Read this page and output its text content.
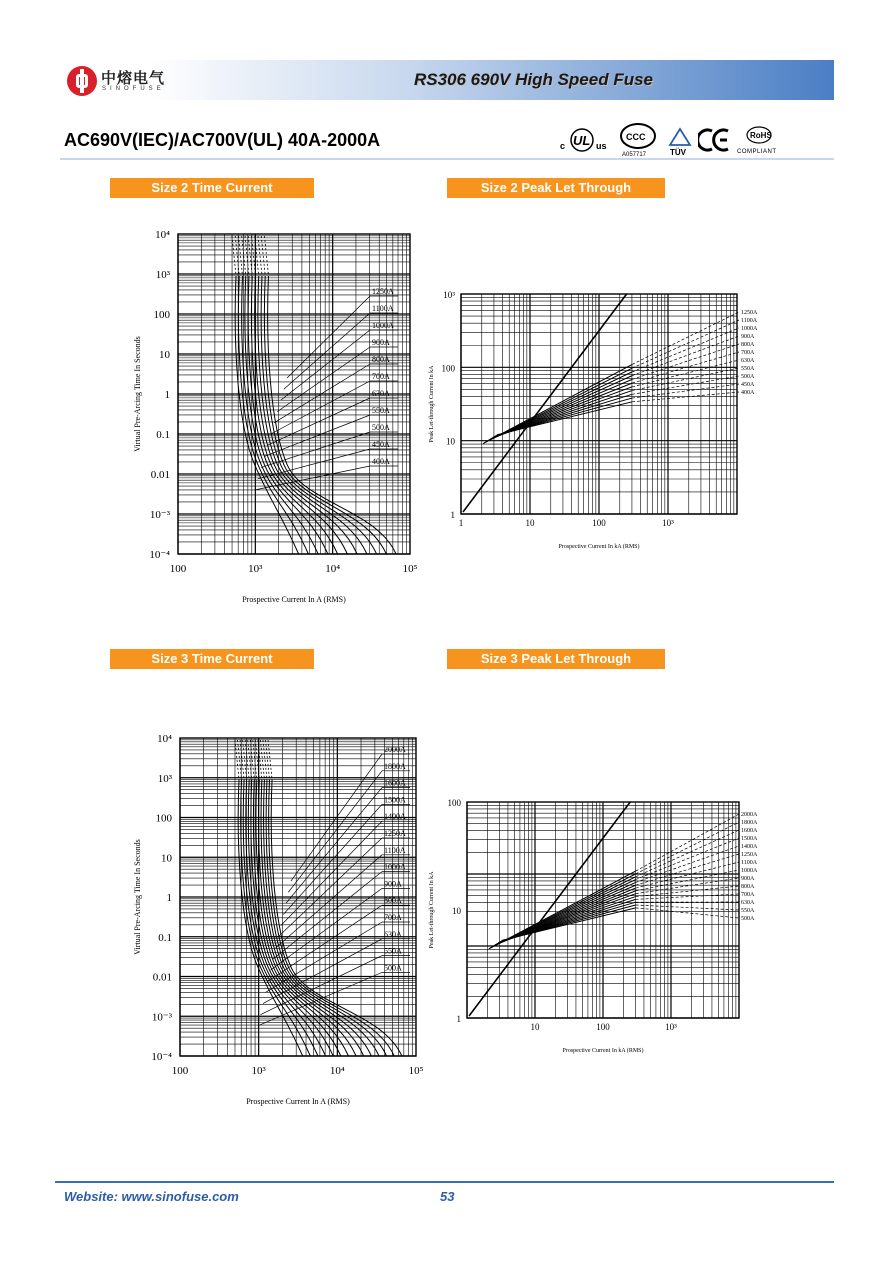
中熔电气
SINOFUSE	RS306 690V High Speed Fuse
AC690V(IEC)/AC700V(UL) 40A-2000A	c UL us
CCC
A057717	TÜV
RoHS
COMPLIANT
Size 2 Time Current	Size 2 Peak Let Through
Size 3 Time Current	Size 3 Peak Let Through
1250A
1100A
1000A
900A
800A
700A
630A
550A
500A
450A
400A
10⁴
10³
100
10
1
0.1
0.01
10⁻³
10⁻⁴
100	10³	10⁴	10⁵
Virtual Pre-Arcing Time In Seconds
Prospective Current In A (RMS)
1250A
1100A
1000A
900A
800A
700A
630A
550A
500A
450A
400A
10³
100
10
1
1	10	100	10³
Peak Let-through Current In kA
Prospective Current In kA (RMS)
2000A
1800A
1600A
1500A
1400A
1250A
1100A
1000A
900A
800A
700A
630A
550A
500A
10⁴
10³
100
10
1
0.1
0.01
10⁻³
10⁻⁴
100	10³	10⁴	10⁵
Virtual Pre-Arcing Time In Seconds
Prospective Current In A (RMS)
2000A
1800A
1600A
1500A
1400A
1250A
1100A
1000A
900A
800A
700A
630A
550A
500A
100
10
1
10	100	10³
Peak Let-through Current In kA
Prospective Current In kA (RMS)
Website: www.sinofuse.com	53
